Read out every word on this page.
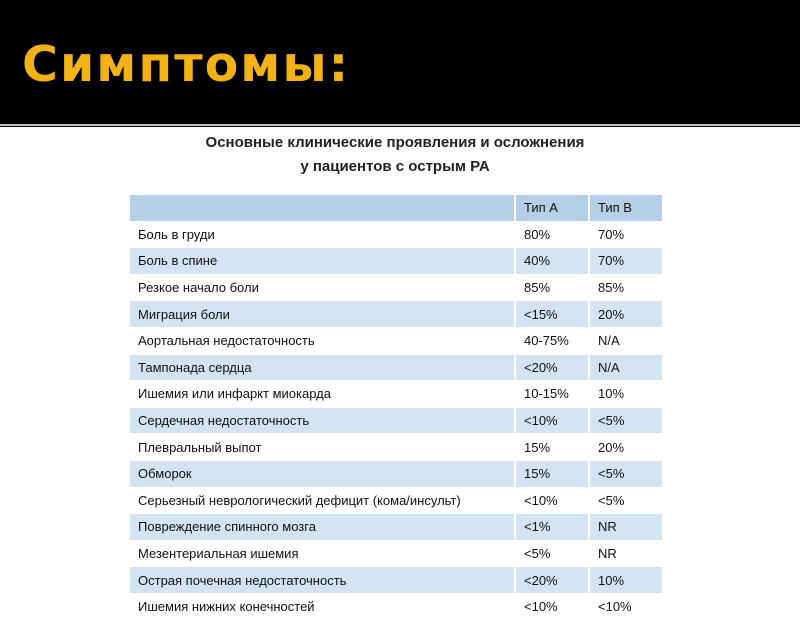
Симптомы:
Основные клинические проявления и осложнения
у пациентов с острым РА
	Тип А	Тип В
Боль в груди	80%	70%
Боль в спине	40%	70%
Резкое начало боли	85%	85%
Миграция боли	<15%	20%
Аортальная недостаточность	40-75%	N/A
Тампонада сердца	<20%	N/A
Ишемия или инфаркт миокарда	10-15%	10%
Сердечная недостаточность	<10%	<5%
Плевральный выпот	15%	20%
Обморок	15%	<5%
Серьезный неврологический дефицит (кома/инсульт)	<10%	<5%
Повреждение спинного мозга	<1%	NR
Мезентериальная ишемия	<5%	NR
Острая почечная недостаточность	<20%	10%
Ишемия нижних конечностей	<10%	<10%
